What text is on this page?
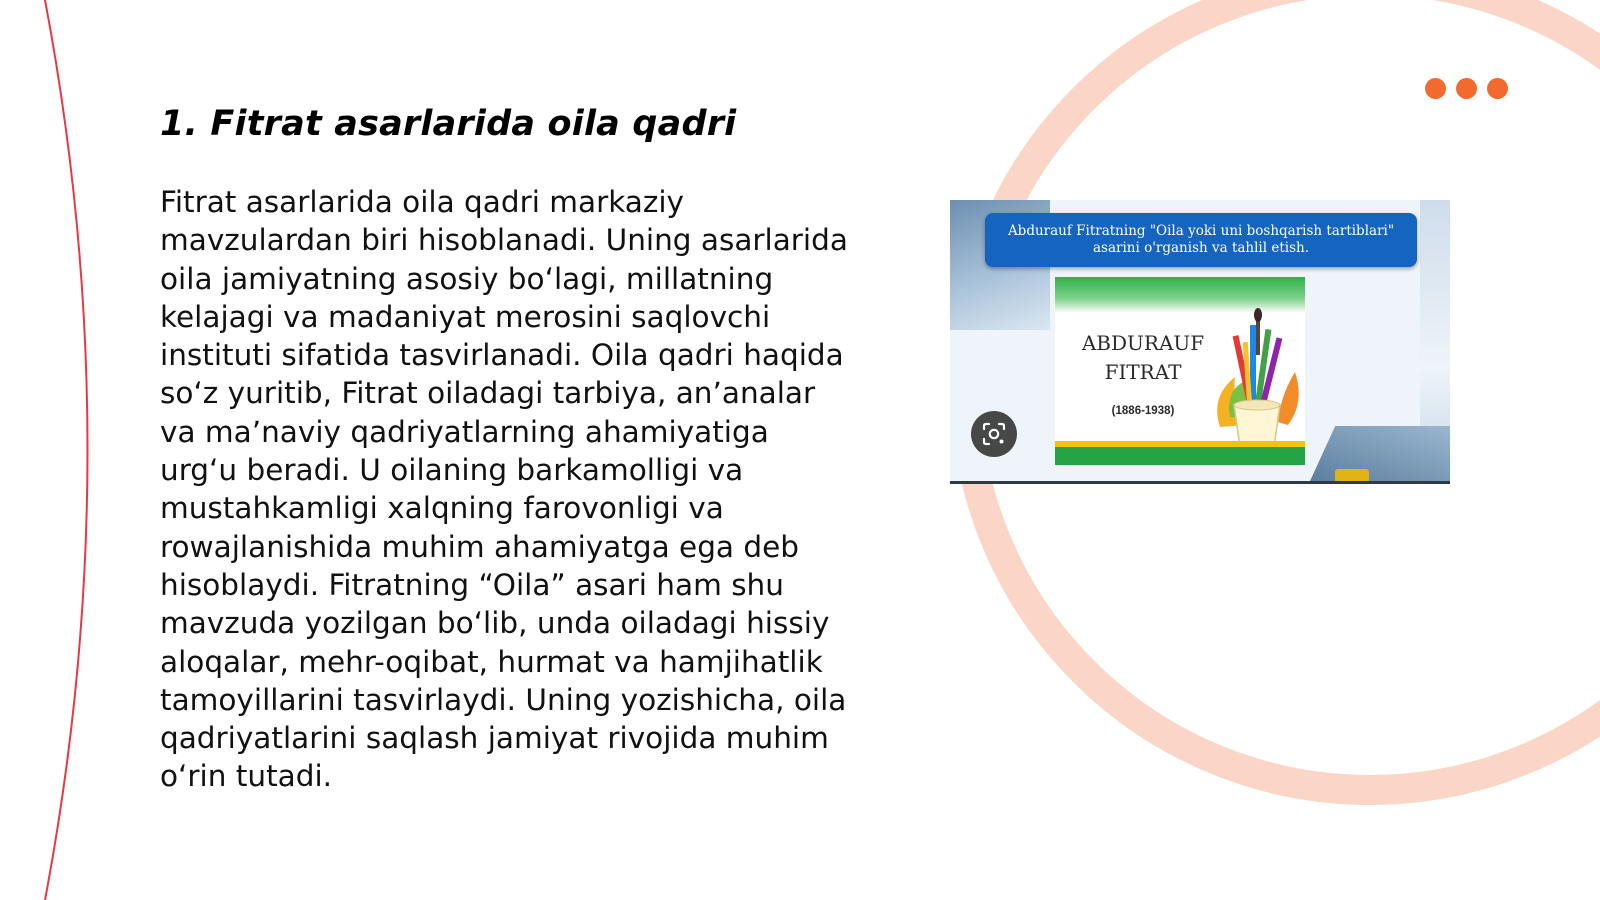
1. Fitrat asarlarida oila qadri

Fitrat asarlarida oila qadri markaziy mavzulardan biri hisoblanadi. Uning asarlarida oila jamiyatning asosiy bo‘lagi, millatning kelajagi va madaniyat merosini saqlovchi instituti sifatida tasvirlanadi. Oila qadri haqida so‘z yuritib, Fitrat oiladagi tarbiya, an’analar va ma’naviy qadriyatlarning ahamiyatiga urg‘u beradi. U oilaning barkamolligi va mustahkamligi xalqning farovonligi va rowajlanishida muhim ahamiyatga ega deb hisoblaydi. Fitratning “Oila” asari ham shu mavzuda yozilgan bo‘lib, unda oiladagi hissiy aloqalar, mehr-oqibat, hurmat va hamjihatlik tamoyillarini tasvirlaydi. Uning yozishicha, oila qadriyatlarini saqlash jamiyat rivojida muhim o‘rin tutadi.

Abdurauf Fitratning "Oila yoki uni boshqarish tartiblari" asarini o'rganish va tahlil etish.
ABDURAUF
FITRAT
(1886-1938)
